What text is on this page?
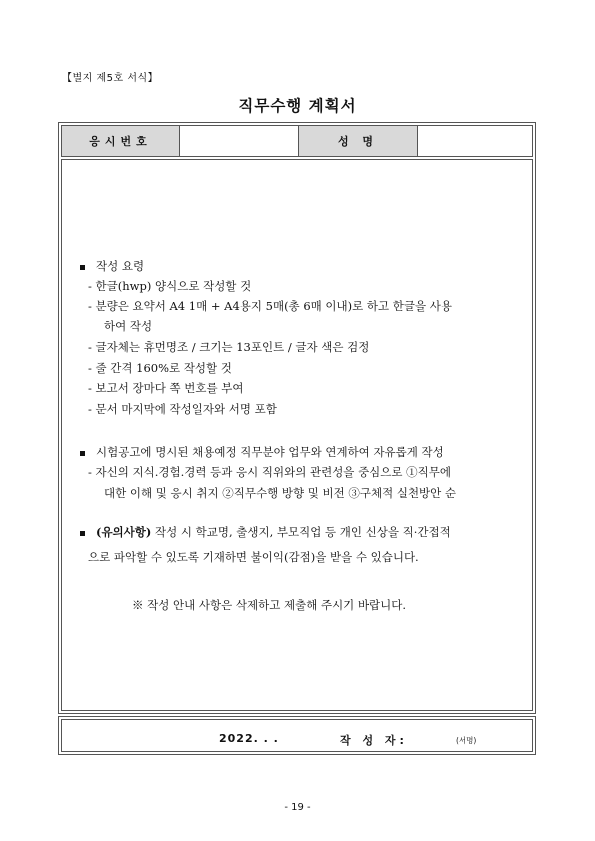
【별지 제5호 서식】
직무수행 계획서
응시번호	성 명
작성 요령
- 한글(hwp) 양식으로 작성할 것
- 분량은 요약서 A4 1매 + A4용지 5매(총 6매 이내)로 하고 한글을 사용
하여 작성
- 글자체는 휴먼명조 / 크기는 13포인트 / 글자 색은 검정
- 줄 간격 160%로 작성할 것
- 보고서 장마다 쪽 번호를 부여
- 문서 마지막에 작성일자와 서명 포함
시험공고에 명시된 채용예정 직무분야 업무와 연계하여 자유롭게 작성
- 자신의 지식.경험.경력 등과 응시 직위와의 관련성을 중심으로 ①직무에
대한 이해 및 응시 취지 ②직무수행 방향 및 비전 ③구체적 실천방안 순
(유의사항) 작성 시 학교명, 출생지, 부모직업 등 개인 신상을 직·간접적
으로 파악할 수 있도록 기재하면 불이익(감점)을 받을 수 있습니다.
※ 작성 안내 사항은 삭제하고 제출해 주시기 바랍니다.
2022. . .	작 성 자:	(서명)
- 19 -
